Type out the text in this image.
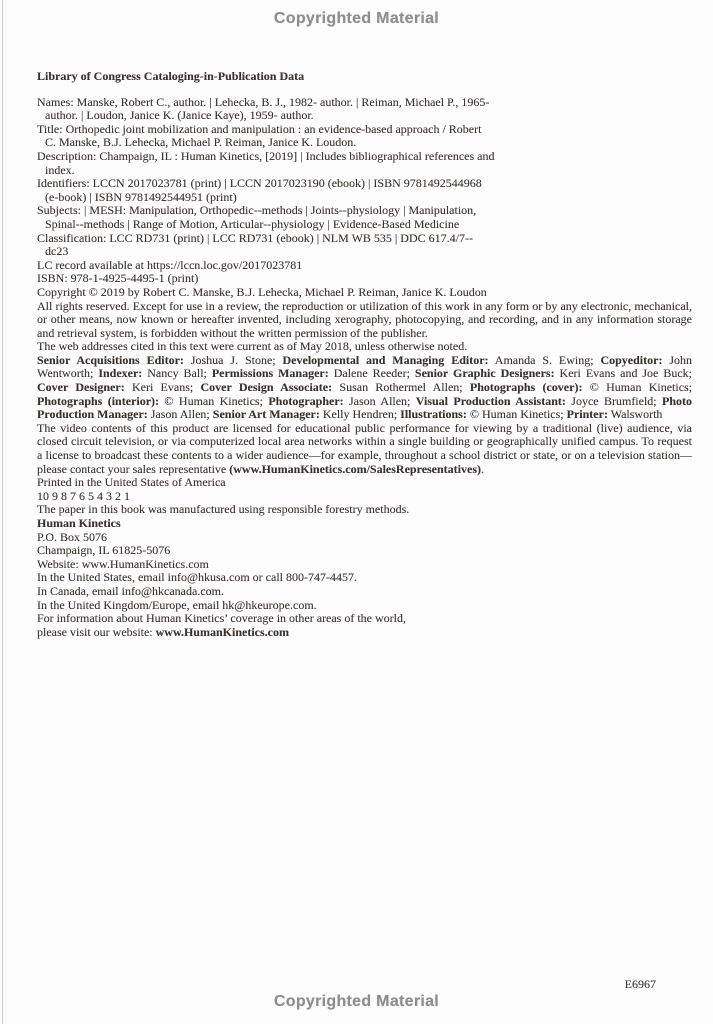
Copyrighted Material
Library of Congress Cataloging-in-Publication Data

Names: Manske, Robert C., author. | Lehecka, B. J., 1982- author. | Reiman, Michael P., 1965- author. | Loudon, Janice K. (Janice Kaye), 1959- author.

Title: Orthopedic joint mobilization and manipulation : an evidence-based approach / Robert C. Manske, B.J. Lehecka, Michael P. Reiman, Janice K. Loudon.

Description: Champaign, IL : Human Kinetics, [2019] | Includes bibliographical references and index.

Identifiers: LCCN 2017023781 (print) | LCCN 2017023190 (ebook) | ISBN 9781492544968 (e-book) | ISBN 9781492544951 (print)

Subjects: | MESH: Manipulation, Orthopedic--methods | Joints--physiology | Manipulation, Spinal--methods | Range of Motion, Articular--physiology | Evidence-Based Medicine

Classification: LCC RD731 (print) | LCC RD731 (ebook) | NLM WB 535 | DDC 617.4/7--dc23

LC record available at https://lccn.loc.gov/2017023781

ISBN: 978-1-4925-4495-1 (print)

Copyright © 2019 by Robert C. Manske, B.J. Lehecka, Michael P. Reiman, Janice K. Loudon

All rights reserved. Except for use in a review, the reproduction or utilization of this work in any form or by any electronic, mechanical, or other means, now known or hereafter invented, including xerography, photocopying, and recording, and in any information storage and retrieval system, is forbidden without the written permission of the publisher.

The web addresses cited in this text were current as of May 2018, unless otherwise noted.

Senior Acquisitions Editor: Joshua J. Stone; Developmental and Managing Editor: Amanda S. Ewing; Copyeditor: John Wentworth; Indexer: Nancy Ball; Permissions Manager: Dalene Reeder; Senior Graphic Designers: Keri Evans and Joe Buck; Cover Designer: Keri Evans; Cover Design Associate: Susan Rothermel Allen; Photographs (cover): © Human Kinetics; Photographs (interior): © Human Kinetics; Photographer: Jason Allen; Visual Production Assistant: Joyce Brumfield; Photo Production Manager: Jason Allen; Senior Art Manager: Kelly Hendren; Illustrations: © Human Kinetics; Printer: Walsworth

The video contents of this product are licensed for educational public performance for viewing by a traditional (live) audience, via closed circuit television, or via computerized local area networks within a single building or geographically unified campus. To request a license to broadcast these contents to a wider audience—for example, throughout a school district or state, or on a television station—please contact your sales representative (www.HumanKinetics.com/SalesRepresentatives).

Printed in the United States of America

10 9 8 7 6 5 4 3 2 1

The paper in this book was manufactured using responsible forestry methods.

Human Kinetics

P.O. Box 5076
Champaign, IL 61825-5076
Website: www.HumanKinetics.com
In the United States, email info@hkusa.com or call 800-747-4457.
In Canada, email info@hkcanada.com.
In the United Kingdom/Europe, email hk@hkeurope.com.

For information about Human Kinetics’ coverage in other areas of the world,
please visit our website: www.HumanKinetics.com

E6967
Copyrighted Material
